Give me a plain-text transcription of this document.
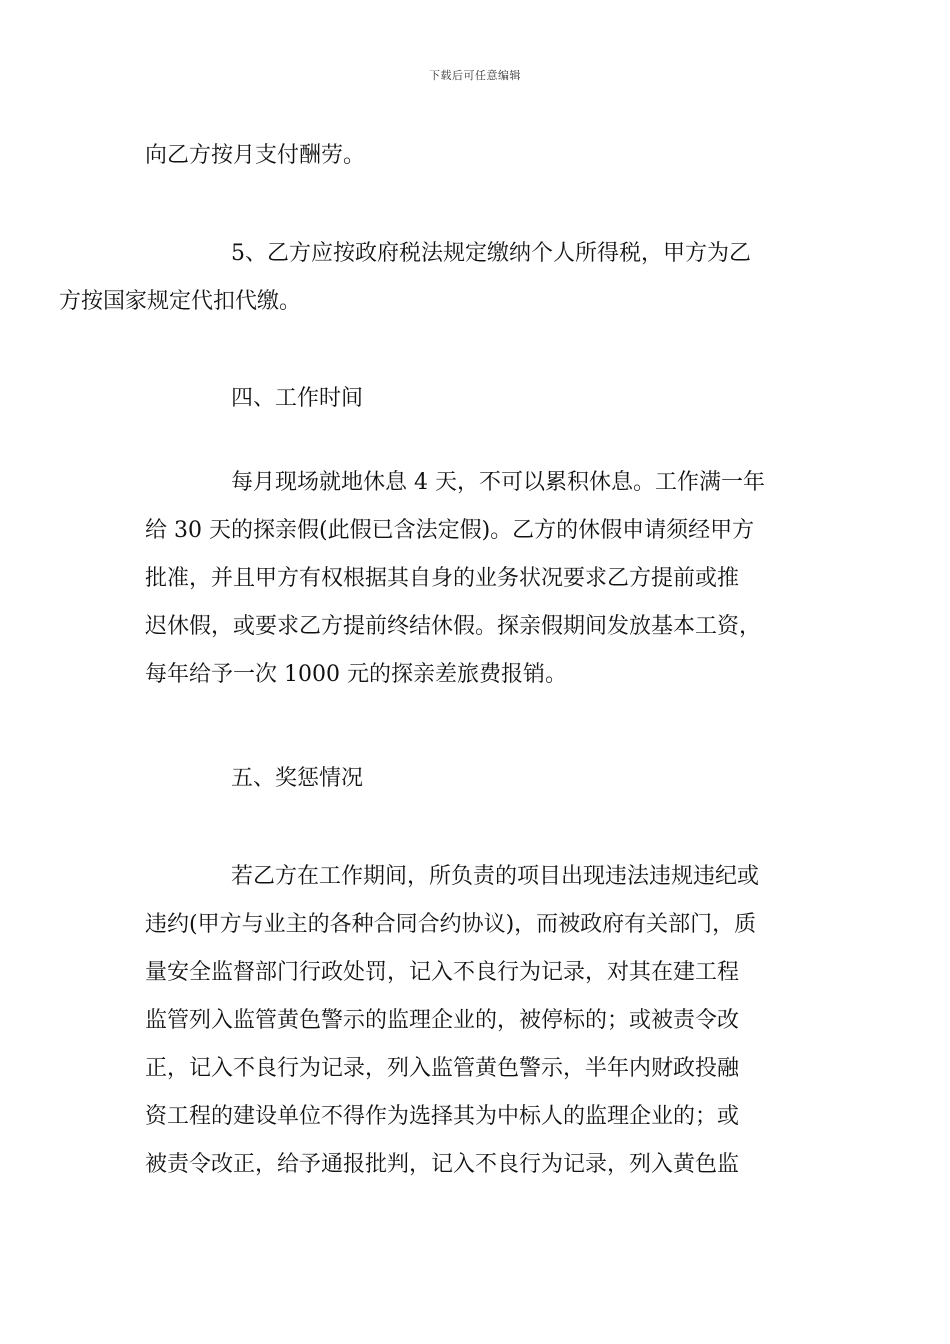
下载后可任意编辑

向乙方按月支付酬劳。

5、乙方应按政府税法规定缴纳个人所得税，甲方为乙
方按国家规定代扣代缴。

四、工作时间

每月现场就地休息 4 天，不可以累积休息。工作满一年
给 30 天的探亲假(此假已含法定假)。乙方的休假申请须经甲方
批准，并且甲方有权根据其自身的业务状况要求乙方提前或推
迟休假，或要求乙方提前终结休假。探亲假期间发放基本工资，
每年给予一次 1000 元的探亲差旅费报销。

五、奖惩情况

若乙方在工作期间，所负责的项目出现违法违规违纪或
违约(甲方与业主的各种合同合约协议)，而被政府有关部门，质
量安全监督部门行政处罚，记入不良行为记录，对其在建工程
监管列入监管黄色警示的监理企业的，被停标的；或被责令改
正，记入不良行为记录，列入监管黄色警示，半年内财政投融
资工程的建设单位不得作为选择其为中标人的监理企业的；或
被责令改正，给予通报批判，记入不良行为记录，列入黄色监
